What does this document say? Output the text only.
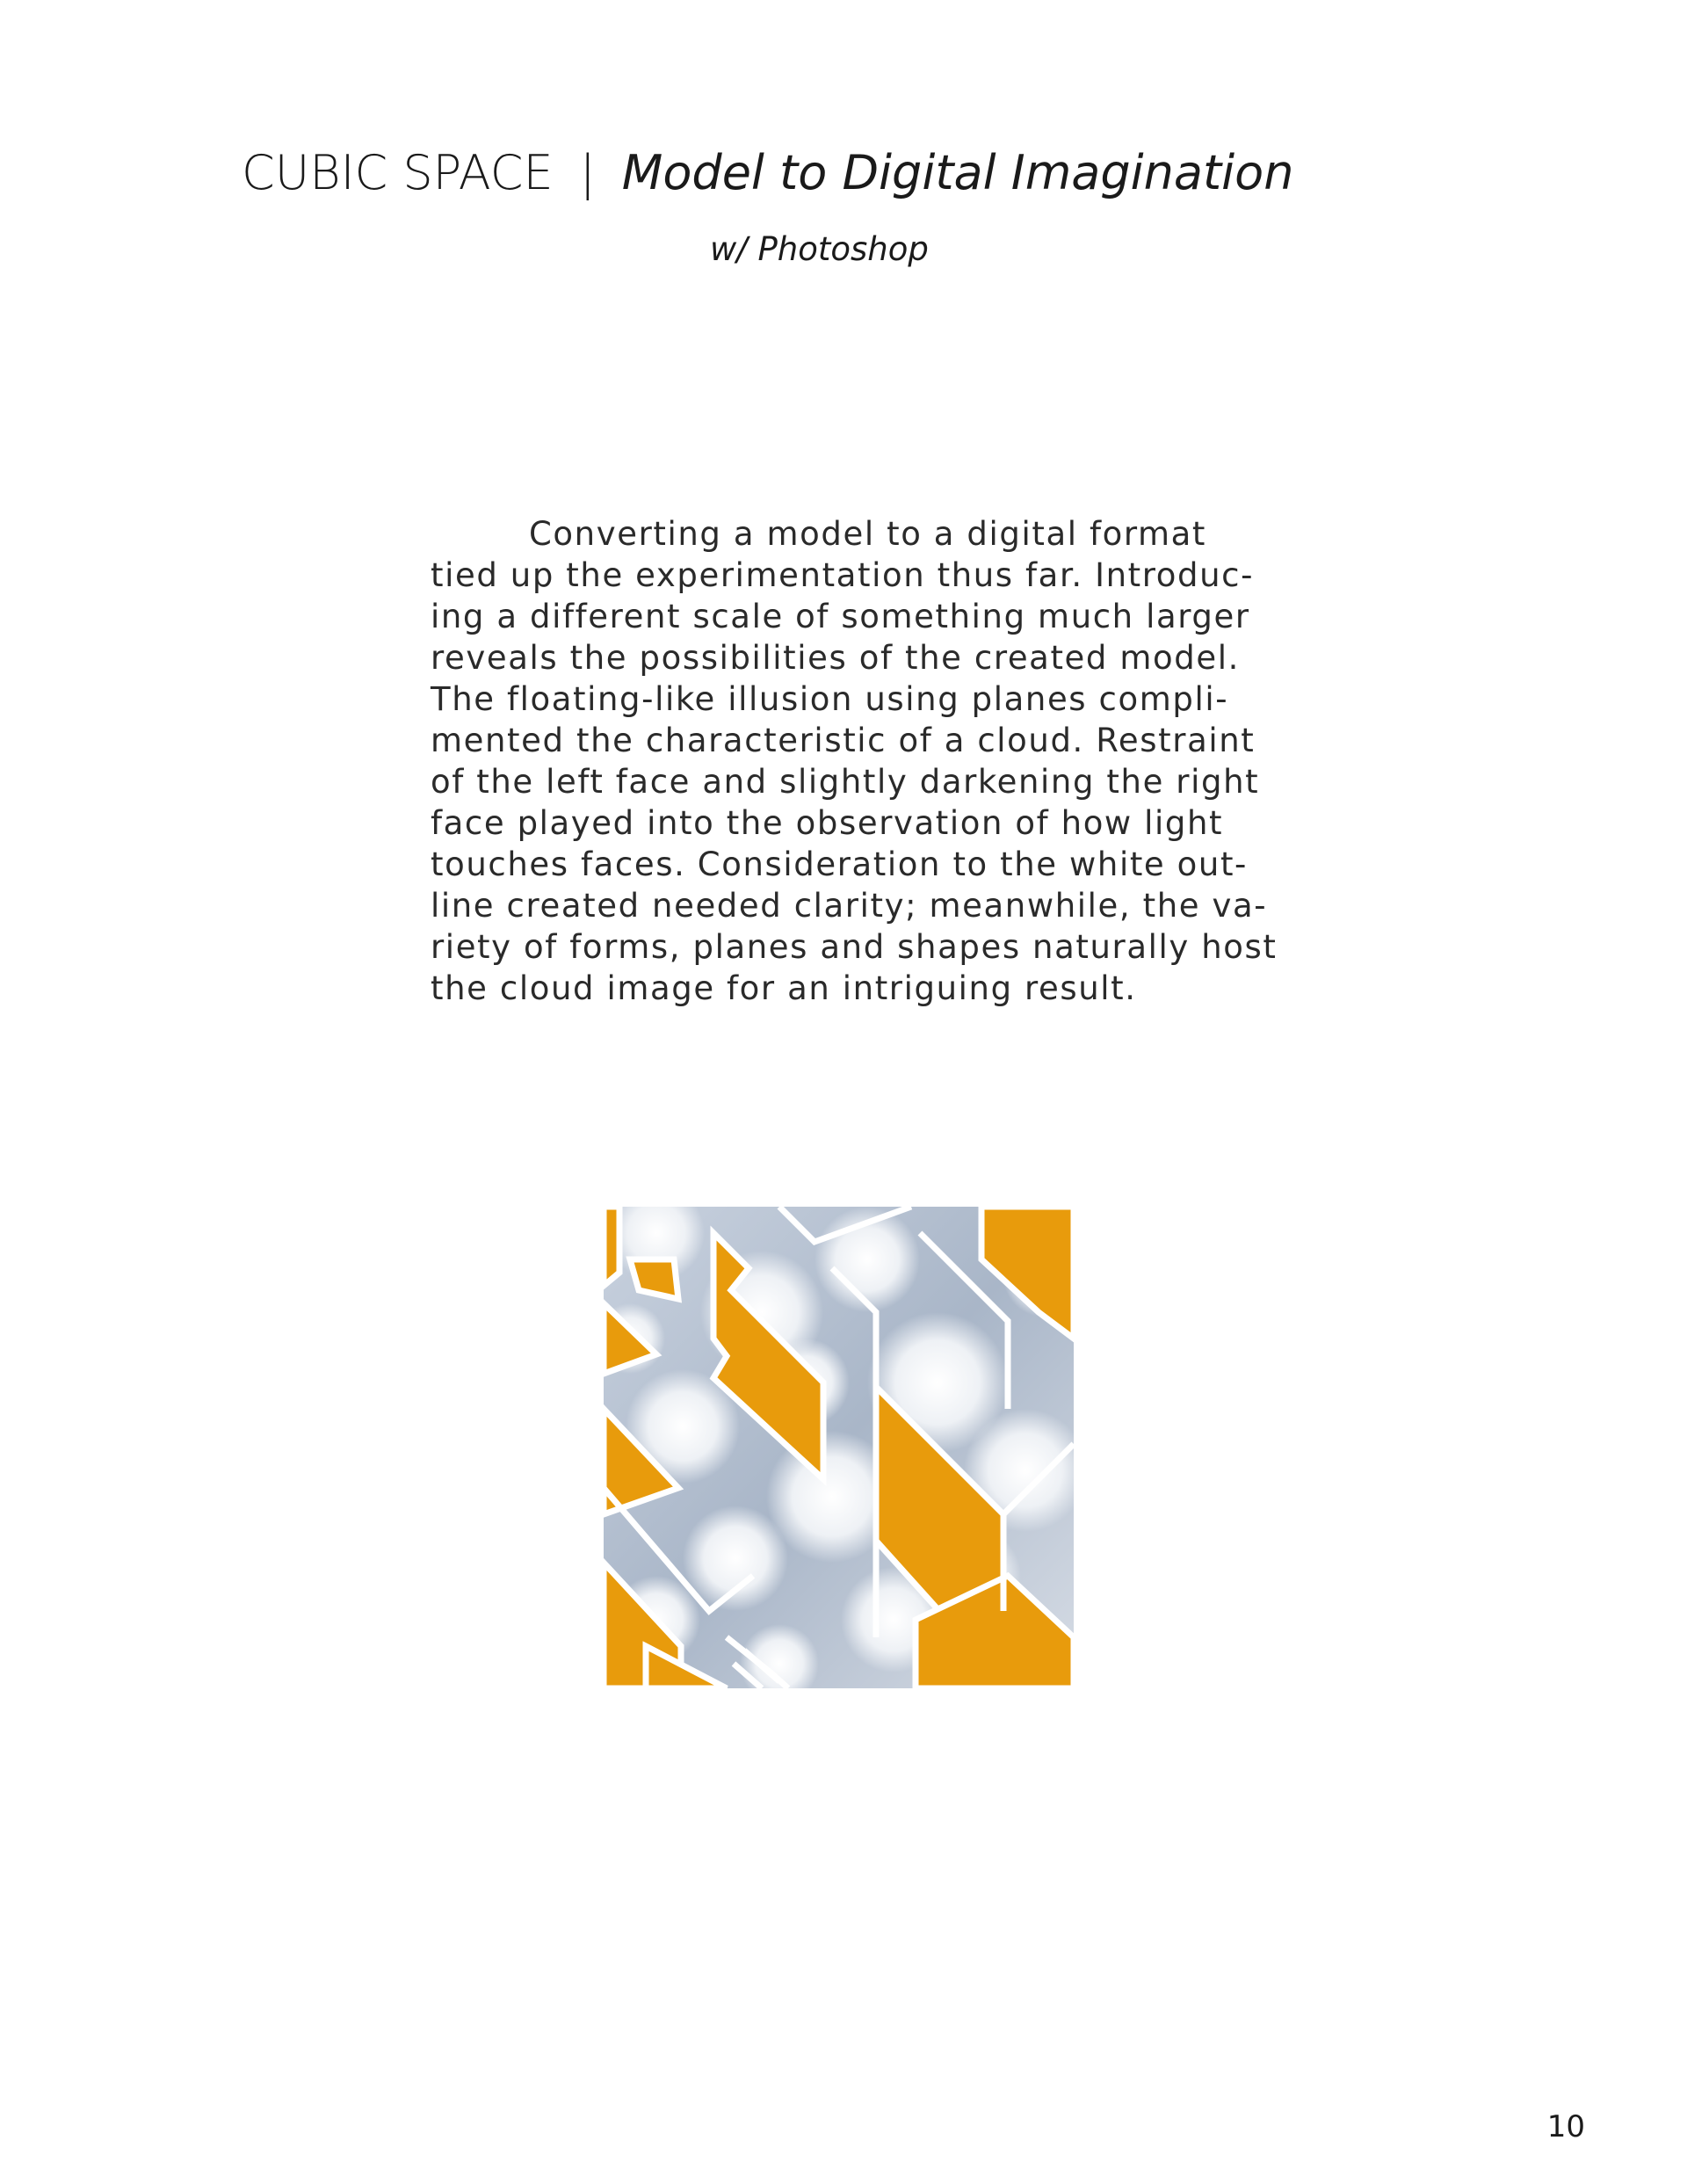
CUBIC SPACE | Model to Digital Imagination
w/ Photoshop
Converting a model to a digital format
tied up the experimentation thus far. Introduc-
ing a different scale of something much larger
reveals the possibilities of the created model.
The floating-like illusion using planes compli-
mented the characteristic of a cloud. Restraint
of the left face and slightly darkening the right
face played into the observation of how light
touches faces. Consideration to the white out-
line created needed clarity; meanwhile, the va-
riety of forms, planes and shapes naturally host
the cloud image for an intriguing result.
10
